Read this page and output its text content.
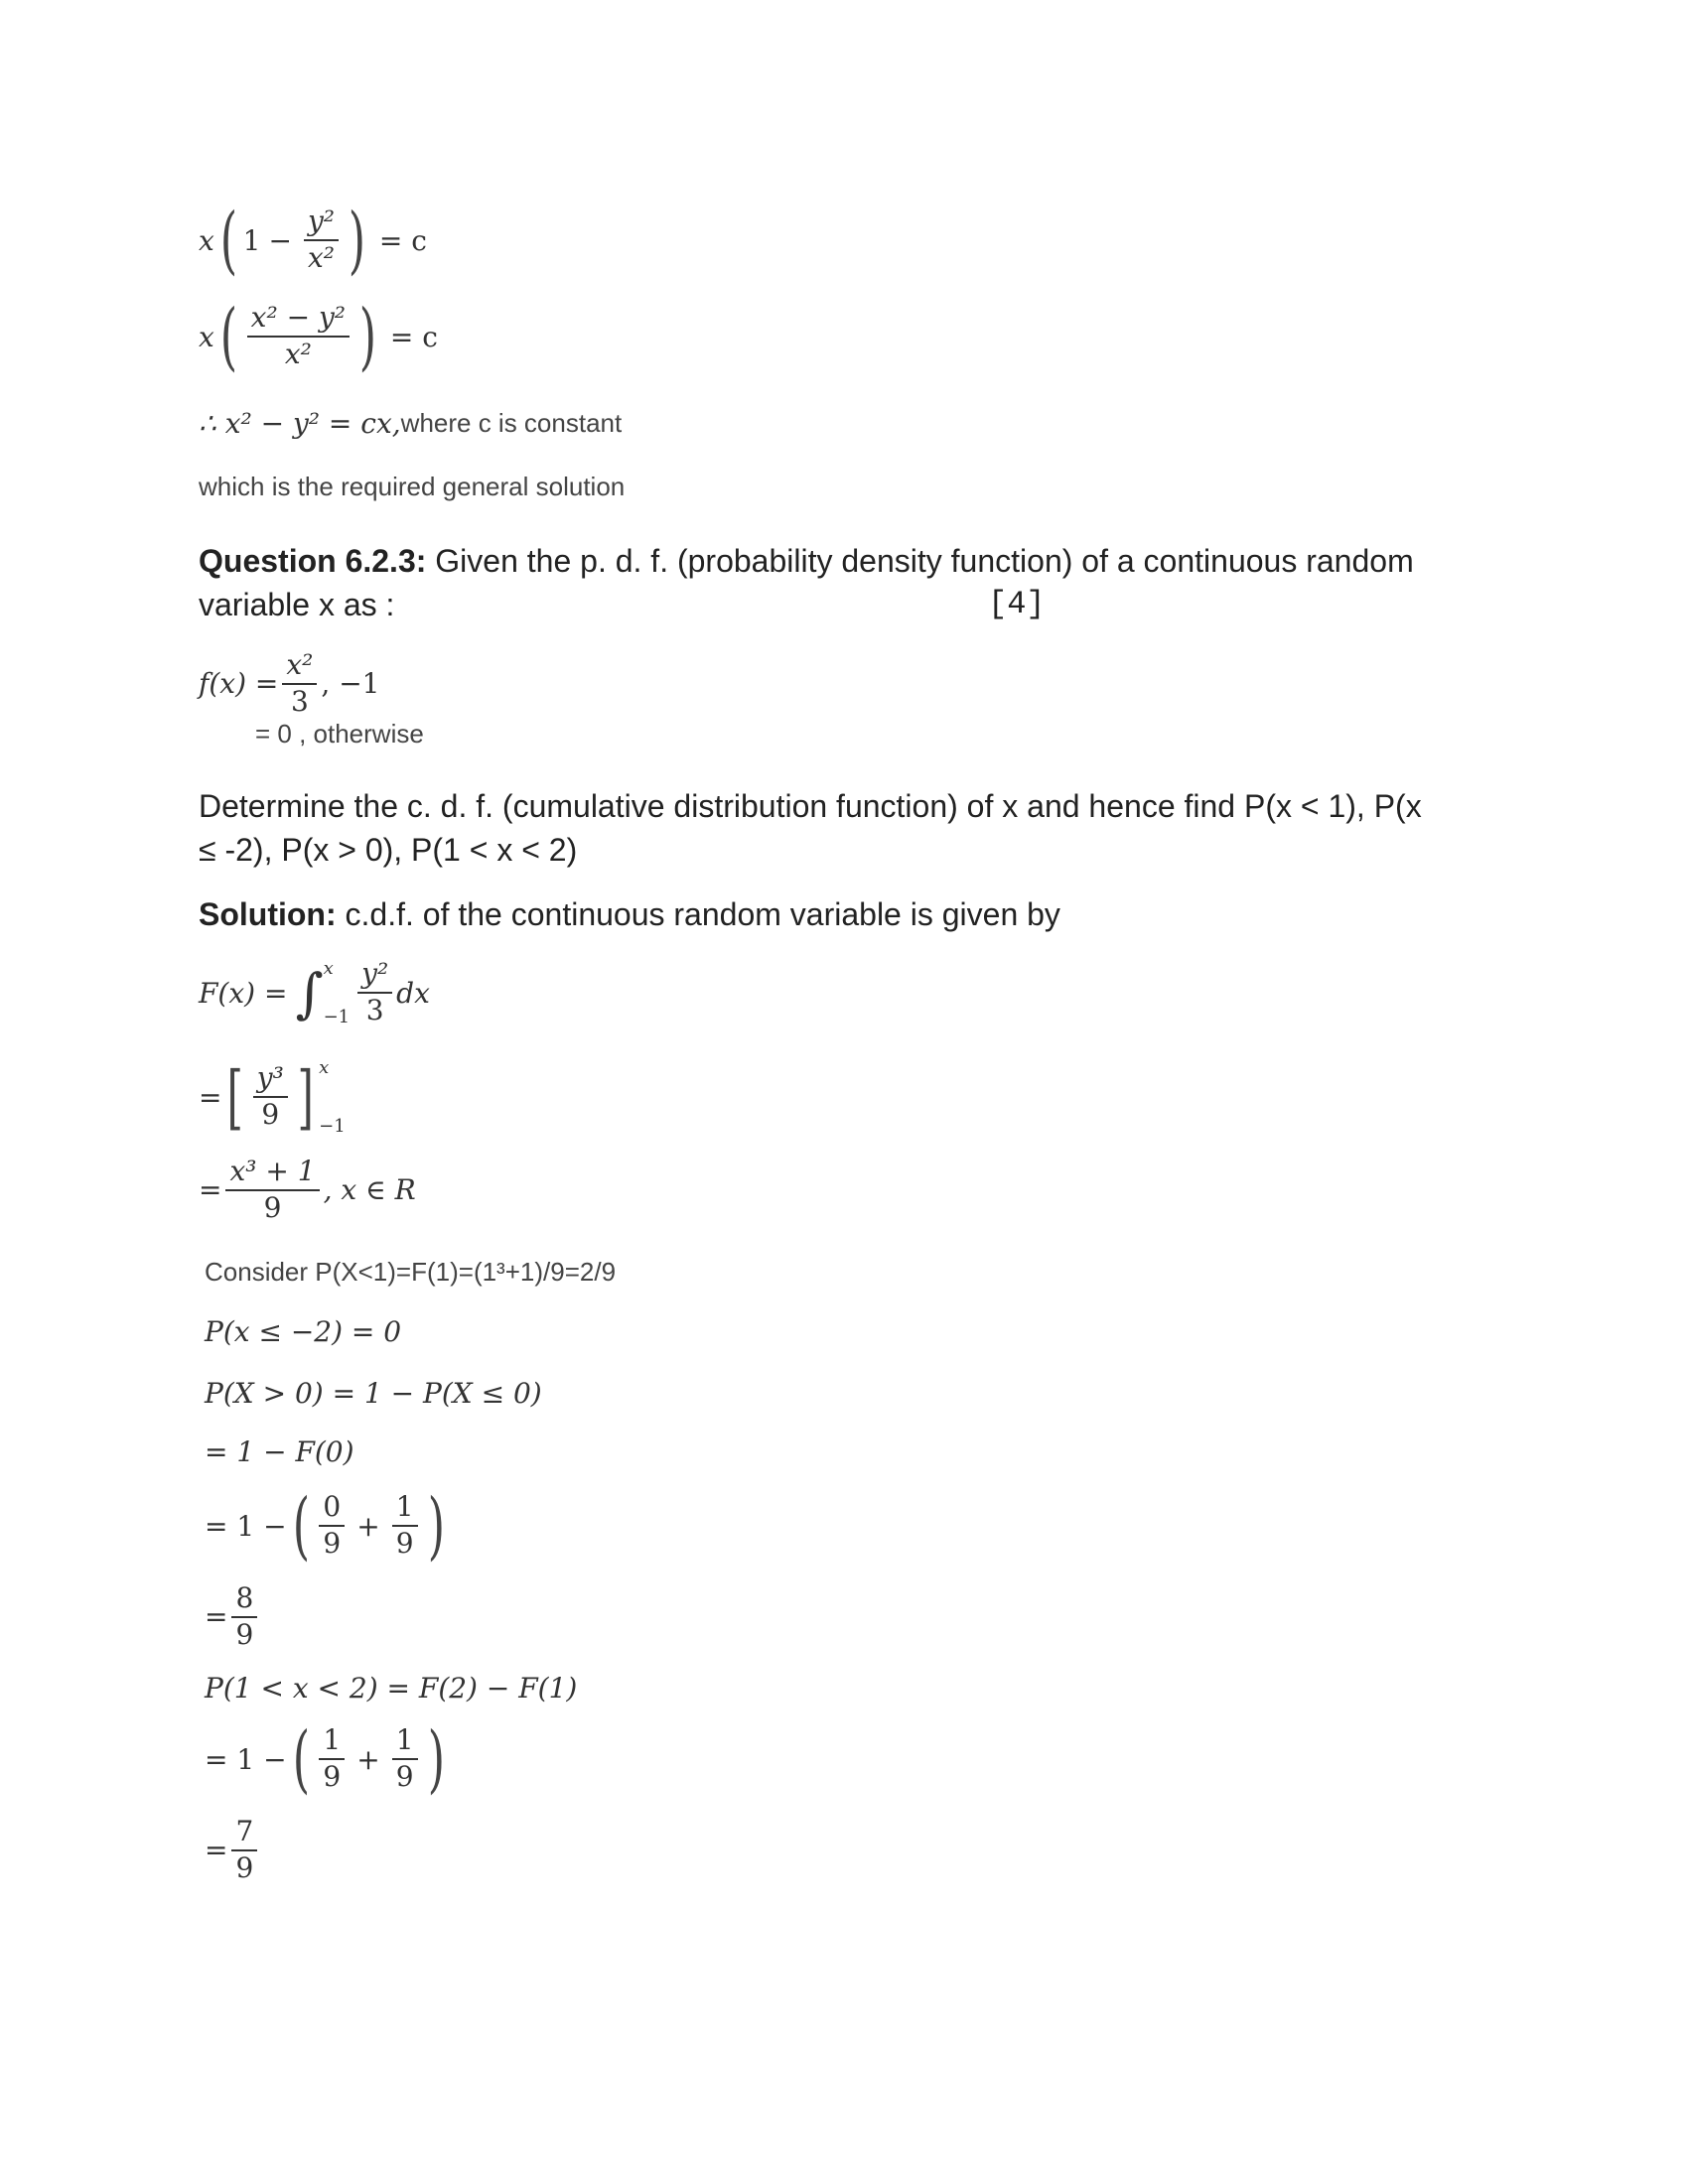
x ( $1 - \frac{\text{y²}}{\text{x²}}$ ) = c
x ( $\frac{\text{x² − y²}}{\text{x²}}$ ) = c
∴ x² − y² = cx, where c is constant
which is the required general solution
Question 6.2.3: Given the p. d. f. (probability density function) of a continuous random
variable x as :	[4]
$f(x) = \frac{\text{x²}}{3}$ , −1
= 0 , otherwise
Determine the c. d. f. (cumulative distribution function) of x and hence find P(x < 1), P(x
≤ -2), P(x > 0), P(1 < x < 2)
Solution: c.d.f. of the continuous random variable is given by
F(x) = ∫ x
$-1 \frac{\text{y²}}{3}$ dx
= [ $\frac{\text{y³}}{9}$ ] x
−1
= $\frac{\text{x³ + 1}}{9}$ , x ∈ R
Consider P(X<1)=F(1)=(1³+1)/9=2/9
P(x ≤ −2) = 0
P(X > 0) = 1 − P(X ≤ 0)
= 1 − F(0)
= 1 − ( $\frac{0}{9} + \frac{1}{9}$ )
= $\frac{8}{9}$
P(1 < x < 2) = F(2) − F(1)
= 1 − ( $\frac{1}{9} + \frac{1}{9}$ )
= $\frac{7}{9}$
